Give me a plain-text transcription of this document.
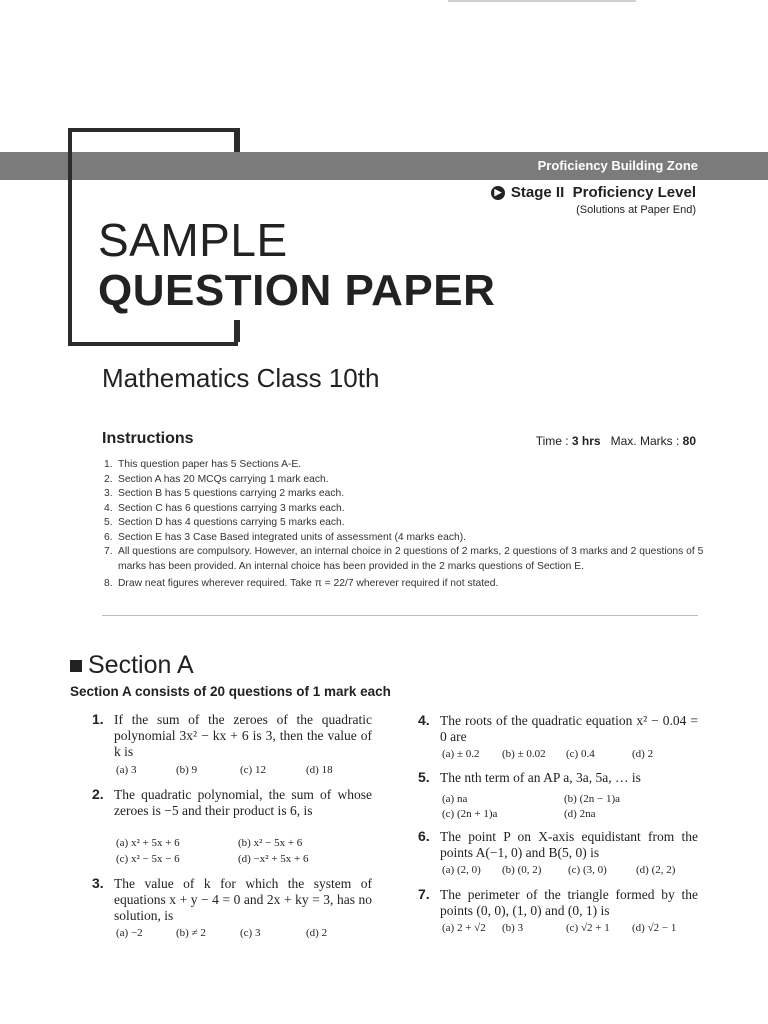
Proficiency Building Zone
▶ Stage II  Proficiency Level
(Solutions at Paper End)
SAMPLE
QUESTION PAPER
Mathematics Class 10th
Instructions	Time : 3 hrs Max. Marks : 80
1. This question paper has 5 Sections A-E.
2. Section A has 20 MCQs carrying 1 mark each.
3. Section B has 5 questions carrying 2 marks each.
4. Section C has 6 questions carrying 3 marks each.
5. Section D has 4 questions carrying 5 marks each.
6. Section E has 3 Case Based integrated units of assessment (4 marks each).
7. All questions are compulsory. However, an internal choice in 2 questions of 2 marks, 2 questions of 3 marks and 2 questions of 5 marks has been provided. An internal choice has been provided in the 2 marks questions of Section E.
8. Draw neat figures wherever required. Take π = 22/7 wherever required if not stated.
Section A
Section A consists of 20 questions of 1 mark each
1. If the sum of the zeroes of the quadratic polynomial 3x² − kx + 6 is 3, then the value of k is
(a) 3	(b) 9	(c) 12	(d) 18
2. The quadratic polynomial, the sum of whose zeroes is −5 and their product is 6, is
(a) x² + 5x + 6	(b) x² − 5x + 6
(c) x² − 5x − 6	(d) −x² + 5x + 6
3. The value of k for which the system of equations x + y − 4 = 0 and 2x + ky = 3, has no solution, is
(a) −2	(b) ≠ 2	(c) 3	(d) 2
4. The roots of the quadratic equation x² − 0.04 = 0 are
(a) ± 0.2 (b) ± 0.02 (c) 0.4	(d) 2
5. The nth term of an AP a, 3a, 5a, … is
(a) na	(b) (2n − 1)a
(c) (2n + 1)a	(d) 2na
6. The point P on X-axis equidistant from the points A(−1, 0) and B(5, 0) is
(a) (2, 0) (b) (0, 2) (c) (3, 0)	(d) (2, 2)
7. The perimeter of the triangle formed by the points (0, 0), (1, 0) and (0, 1) is
(a) 2 + √2 (b) 3	(c) √2 + 1 (d) √2 − 1
